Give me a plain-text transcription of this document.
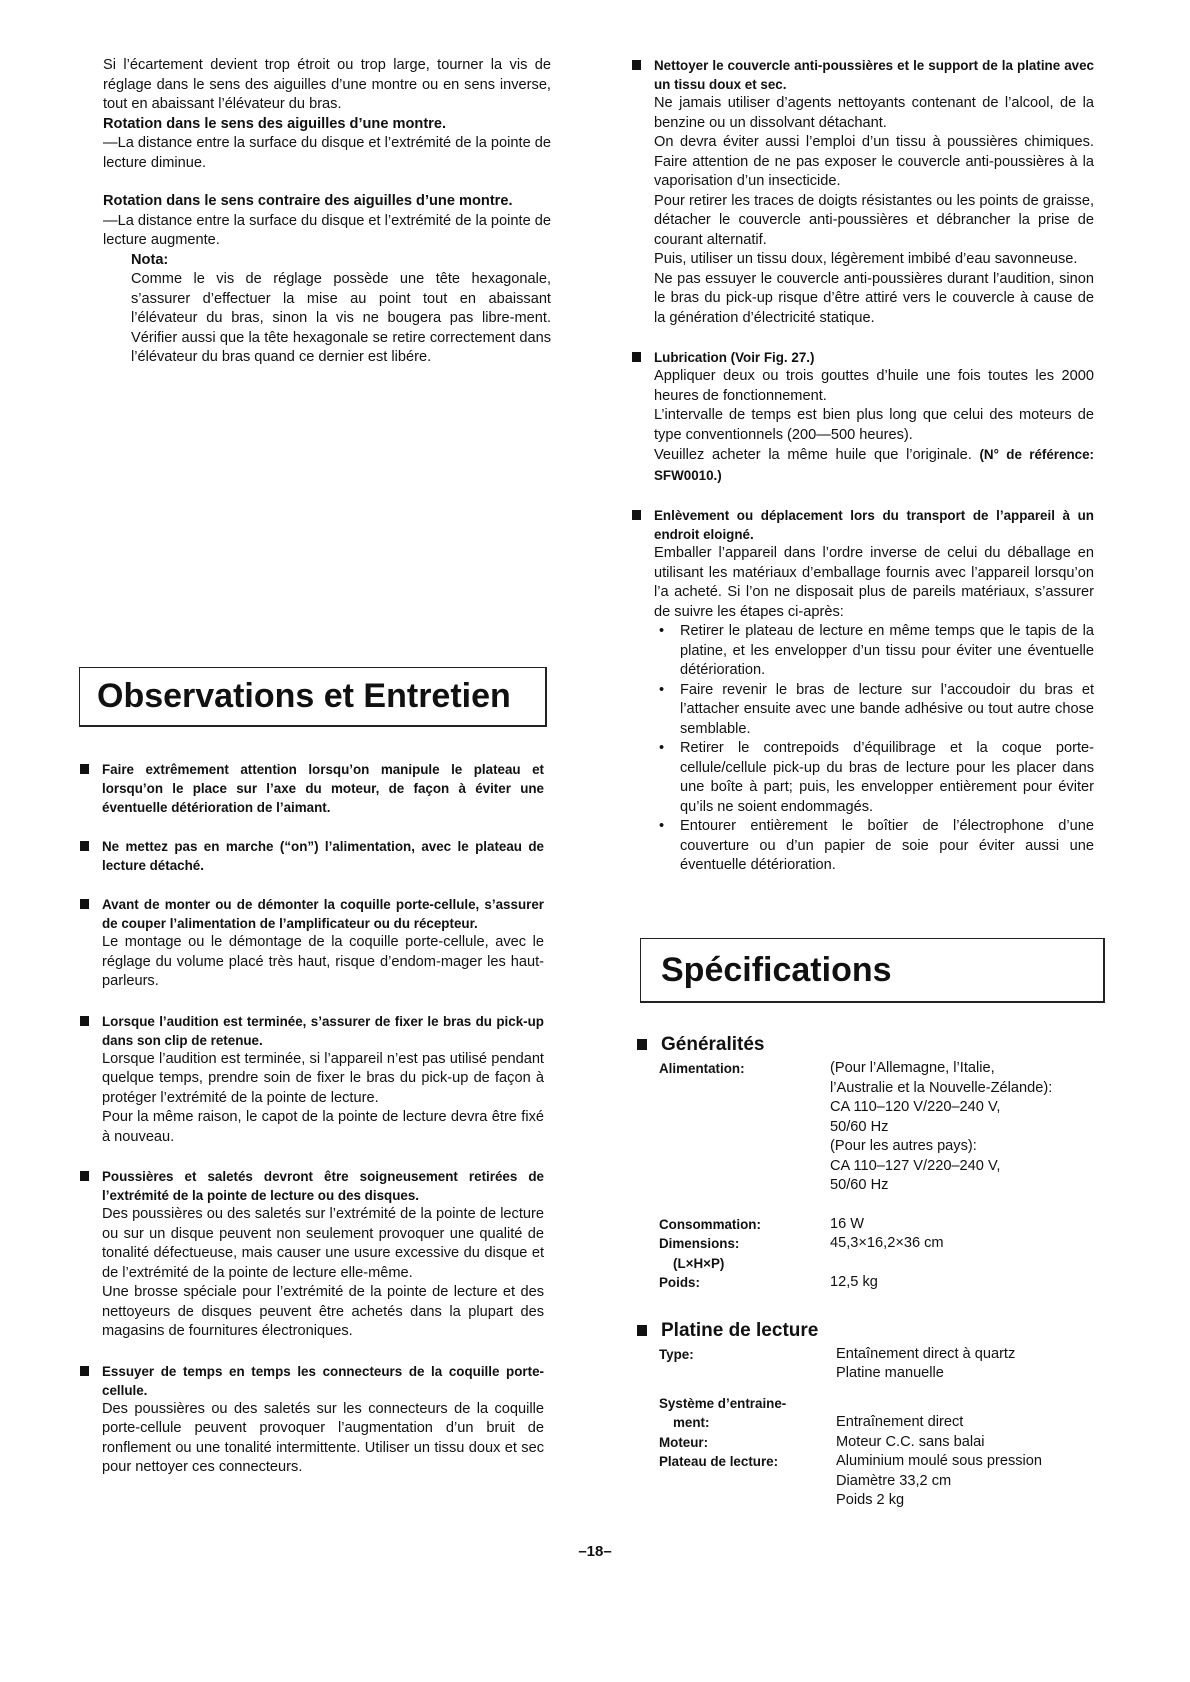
Si l’écartement devient trop étroit ou trop large, tourner la vis de réglage dans le sens des aiguilles d’une montre ou en sens inverse, tout en abaissant l’élévateur du bras.

Rotation dans le sens des aiguilles d’une montre.

—La distance entre la surface du disque et l’extrémité de la pointe de lecture diminue.

Rotation dans le sens contraire des aiguilles d’une montre.

—La distance entre la surface du disque et l’extrémité de la pointe de lecture augmente.

Nota:

Comme le vis de réglage possède une tête hexagonale, s’assurer d’effectuer la mise au point tout en abaissant l’élévateur du bras, sinon la vis ne bougera pas libre-ment. Vérifier aussi que la tête hexagonale se retire correctement dans l’élévateur du bras quand ce dernier est libére.

Observations et Entretien

Faire extrêmement attention lorsqu’on manipule le plateau et lorsqu’on le place sur l’axe du moteur, de façon à éviter une éventuelle détérioration de l’aimant.

Ne mettez pas en marche (“on”) l’alimentation, avec le plateau de lecture détaché.

Avant de monter ou de démonter la coquille porte-cellule, s’assurer de couper l’alimentation de l’amplificateur ou du récepteur.

Le montage ou le démontage de la coquille porte-cellule, avec le réglage du volume placé très haut, risque d’endom-mager les haut-parleurs.

Lorsque l’audition est terminée, s’assurer de fixer le bras du pick-up dans son clip de retenue.

Lorsque l’audition est terminée, si l’appareil n’est pas utilisé pendant quelque temps, prendre soin de fixer le bras du pick-up de façon à protéger l’extrémité de la pointe de lecture.

Pour la même raison, le capot de la pointe de lecture devra être fixé à nouveau.

Poussières et saletés devront être soigneusement retirées de l’extrémité de la pointe de lecture ou des disques.

Des poussières ou des saletés sur l’extrémité de la pointe de lecture ou sur un disque peuvent non seulement provoquer une qualité de tonalité défectueuse, mais causer une usure excessive du disque et de l’extrémité de la pointe de lecture elle-même.

Une brosse spéciale pour l’extrémité de la pointe de lecture et des nettoyeurs de disques peuvent être achetés dans la plupart des magasins de fournitures électroniques.

Essuyer de temps en temps les connecteurs de la coquille porte-cellule.

Des poussières ou des saletés sur les connecteurs de la coquille porte-cellule peuvent provoquer l’augmentation d’un bruit de ronflement ou une tonalité intermittente. Utiliser un tissu doux et sec pour nettoyer ces connecteurs.

Nettoyer le couvercle anti-poussières et le support de la platine avec un tissu doux et sec.

Ne jamais utiliser d’agents nettoyants contenant de l’alcool, de la benzine ou un dissolvant détachant.

On devra éviter aussi l’emploi d’un tissu à poussières chimiques. Faire attention de ne pas exposer le couvercle anti-poussières à la vaporisation d’un insecticide.

Pour retirer les traces de doigts résistantes ou les points de graisse, détacher le couvercle anti-poussières et débrancher la prise de courant alternatif.

Puis, utiliser un tissu doux, légèrement imbibé d’eau savonneuse.

Ne pas essuyer le couvercle anti-poussières durant l’audition, sinon le bras du pick-up risque d’être attiré vers le couvercle à cause de la génération d’électricité statique.

Lubrication (Voir Fig. 27.)

Appliquer deux ou trois gouttes d’huile une fois toutes les 2000 heures de fonctionnement.

L’intervalle de temps est bien plus long que celui des moteurs de type conventionnels (200—500 heures).

Veuillez acheter la même huile que l’originale. (N° de référence: SFW0010.)

Enlèvement ou déplacement lors du transport de l’appareil à un endroit eloigné.

Emballer l’appareil dans l’ordre inverse de celui du déballage en utilisant les matériaux d’emballage fournis avec l’appareil lorsqu’on l’a acheté. Si l’on ne disposait plus de pareils matériaux, s’assurer de suivre les étapes ci-après:

• Retirer le plateau de lecture en même temps que le tapis de la platine, et les envelopper d’un tissu pour éviter une éventuelle détérioration.

• Faire revenir le bras de lecture sur l’accoudoir du bras et l’attacher ensuite avec une bande adhésive ou tout autre chose semblable.

• Retirer le contrepoids d’équilibrage et la coque porte-cellule/cellule pick-up du bras de lecture pour les placer dans une boîte à part; puis, les envelopper entièrement pour éviter qu’ils ne soient endommagés.

• Entourer entièrement le boîtier de l’électrophone d’une couverture ou d’un papier de soie pour éviter aussi une éventuelle détérioration.

Spécifications
Généralités
Alimentation:	(Pour l’Allemagne, l’Italie,
l’Australie et la Nouvelle-Zélande):
CA 110–120 V/220–240 V,
50/60 Hz
(Pour les autres pays):
CA 110–127 V/220–240 V,
50/60 Hz
Consommation:	16 W
Dimensions:	45,3×16,2×36 cm
(L×H×P)
Poids:	12,5 kg
Platine de lecture
Type:	Entaînement direct à quartz
Platine manuelle
Système d’entraine-
ment:	Entraînement direct
Moteur:	Moteur C.C. sans balai
Plateau de lecture:	Aluminium moulé sous pression
Diamètre 33,2 cm
Poids 2 kg
–18–
